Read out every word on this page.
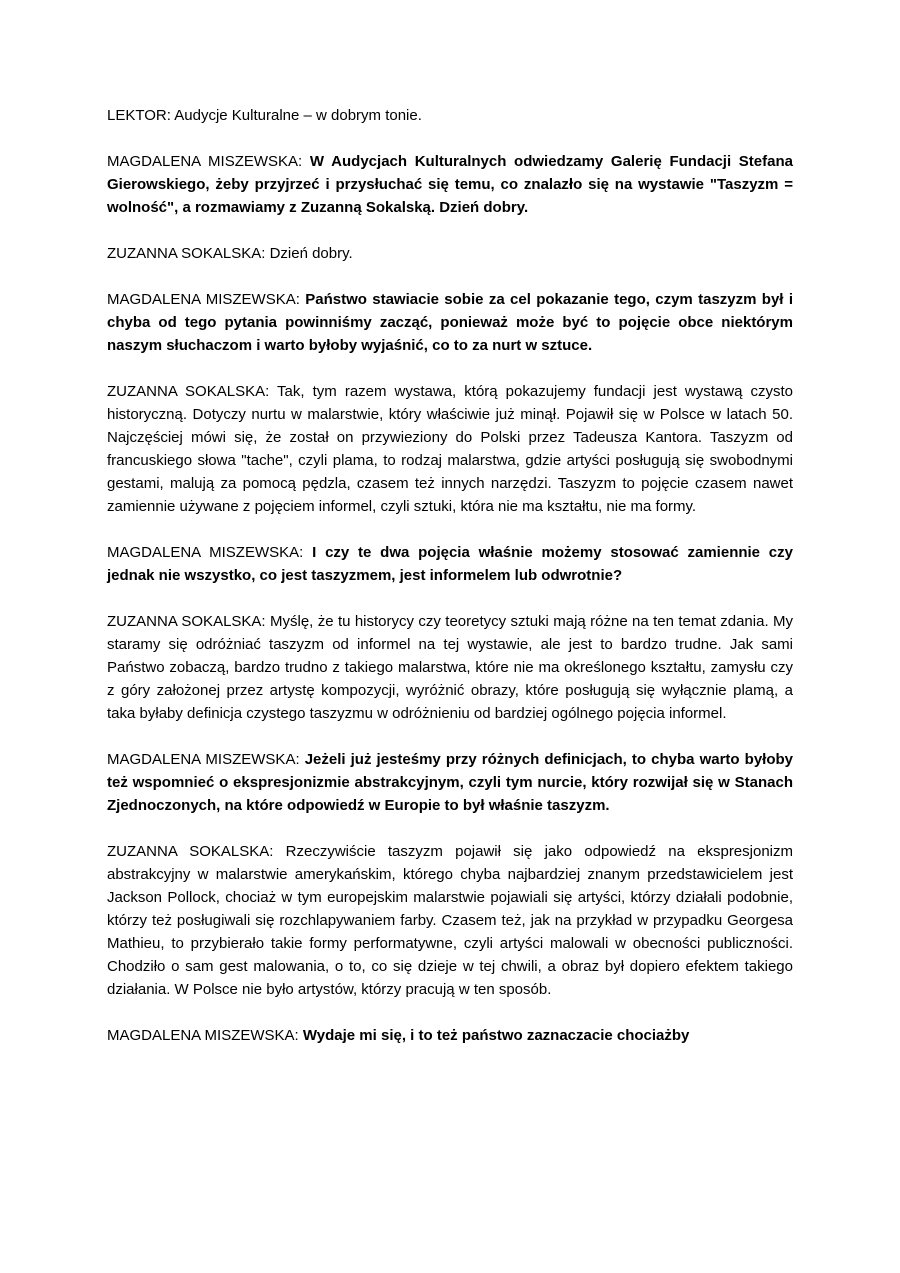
LEKTOR: Audycje Kulturalne – w dobrym tonie.

MAGDALENA MISZEWSKA: W Audycjach Kulturalnych odwiedzamy Galerię Fundacji Stefana Gierowskiego, żeby przyjrzeć i przysłuchać się temu, co znalazło się na wystawie "Taszyzm = wolność", a rozmawiamy z Zuzanną Sokalską. Dzień dobry.

ZUZANNA SOKALSKA: Dzień dobry.

MAGDALENA MISZEWSKA: Państwo stawiacie sobie za cel pokazanie tego, czym taszyzm był i chyba od tego pytania powinniśmy zacząć, ponieważ może być to pojęcie obce niektórym naszym słuchaczom i warto byłoby wyjaśnić, co to za nurt w sztuce.

ZUZANNA SOKALSKA: Tak, tym razem wystawa, którą pokazujemy fundacji jest wystawą czysto historyczną. Dotyczy nurtu w malarstwie, który właściwie już minął. Pojawił się w Polsce w latach 50. Najczęściej mówi się, że został on przywieziony do Polski przez Tadeusza Kantora. Taszyzm od francuskiego słowa "tache", czyli plama, to rodzaj malarstwa, gdzie artyści posługują się swobodnymi gestami, malują za pomocą pędzla, czasem też innych narzędzi. Taszyzm to pojęcie czasem nawet zamiennie używane z pojęciem informel, czyli sztuki, która nie ma kształtu, nie ma formy.

MAGDALENA MISZEWSKA: I czy te dwa pojęcia właśnie możemy stosować zamiennie czy jednak nie wszystko, co jest taszyzmem, jest informelem lub odwrotnie?

ZUZANNA SOKALSKA: Myślę, że tu historycy czy teoretycy sztuki mają różne na ten temat zdania. My staramy się odróżniać taszyzm od informel na tej wystawie, ale jest to bardzo trudne. Jak sami Państwo zobaczą, bardzo trudno z takiego malarstwa, które nie ma określonego kształtu, zamysłu czy z góry założonej przez artystę kompozycji, wyróżnić obrazy, które posługują się wyłącznie plamą, a taka byłaby definicja czystego taszyzmu w odróżnieniu od bardziej ogólnego pojęcia informel.

MAGDALENA MISZEWSKA: Jeżeli już jesteśmy przy różnych definicjach, to chyba warto byłoby też wspomnieć o ekspresjonizmie abstrakcyjnym, czyli tym nurcie, który rozwijał się w Stanach Zjednoczonych, na które odpowiedź w Europie to był właśnie taszyzm.

ZUZANNA SOKALSKA: Rzeczywiście taszyzm pojawił się jako odpowiedź na ekspresjonizm abstrakcyjny w malarstwie amerykańskim, którego chyba najbardziej znanym przedstawicielem jest Jackson Pollock, chociaż w tym europejskim malarstwie pojawiali się artyści, którzy działali podobnie, którzy też posługiwali się rozchlapywaniem farby. Czasem też, jak na przykład w przypadku Georgesa Mathieu, to przybierało takie formy performatywne, czyli artyści malowali w obecności publiczności. Chodziło o sam gest malowania, o to, co się dzieje w tej chwili, a obraz był dopiero efektem takiego działania. W Polsce nie było artystów, którzy pracują w ten sposób.

MAGDALENA MISZEWSKA: Wydaje mi się, i to też państwo zaznaczacie chociażby
